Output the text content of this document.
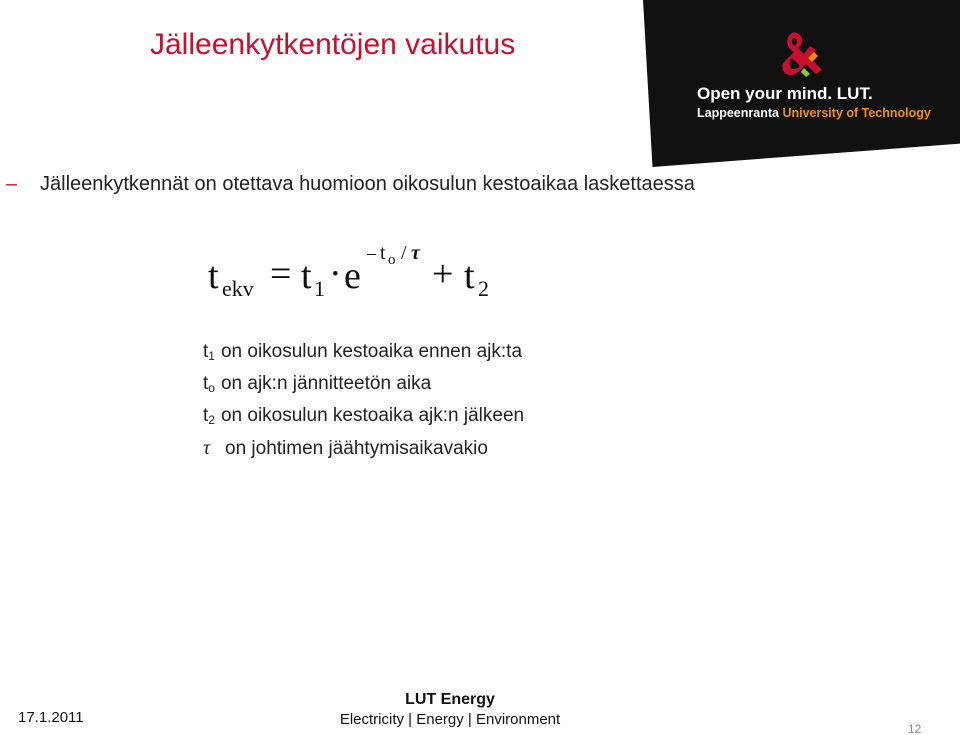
Jälleenkytkentöjen vaikutus
Open your mind. LUT.
Lappeenranta University of Technology
– Jälleenkytkennät on otettava huomioon oikosulun kestoaikaa laskettaessa
t ekv = t 1 · e − t o / τ + t 2
$t_1$ on oikosulun kestoaika ennen ajk:ta
$t_o$ on ajk:n jännitteetön aika
$t_2$ on oikosulun kestoaika ajk:n jälkeen
τ on johtimen jäähtymisaikavakio
17.1.2011
LUT Energy
Electricity | Energy | Environment
12
